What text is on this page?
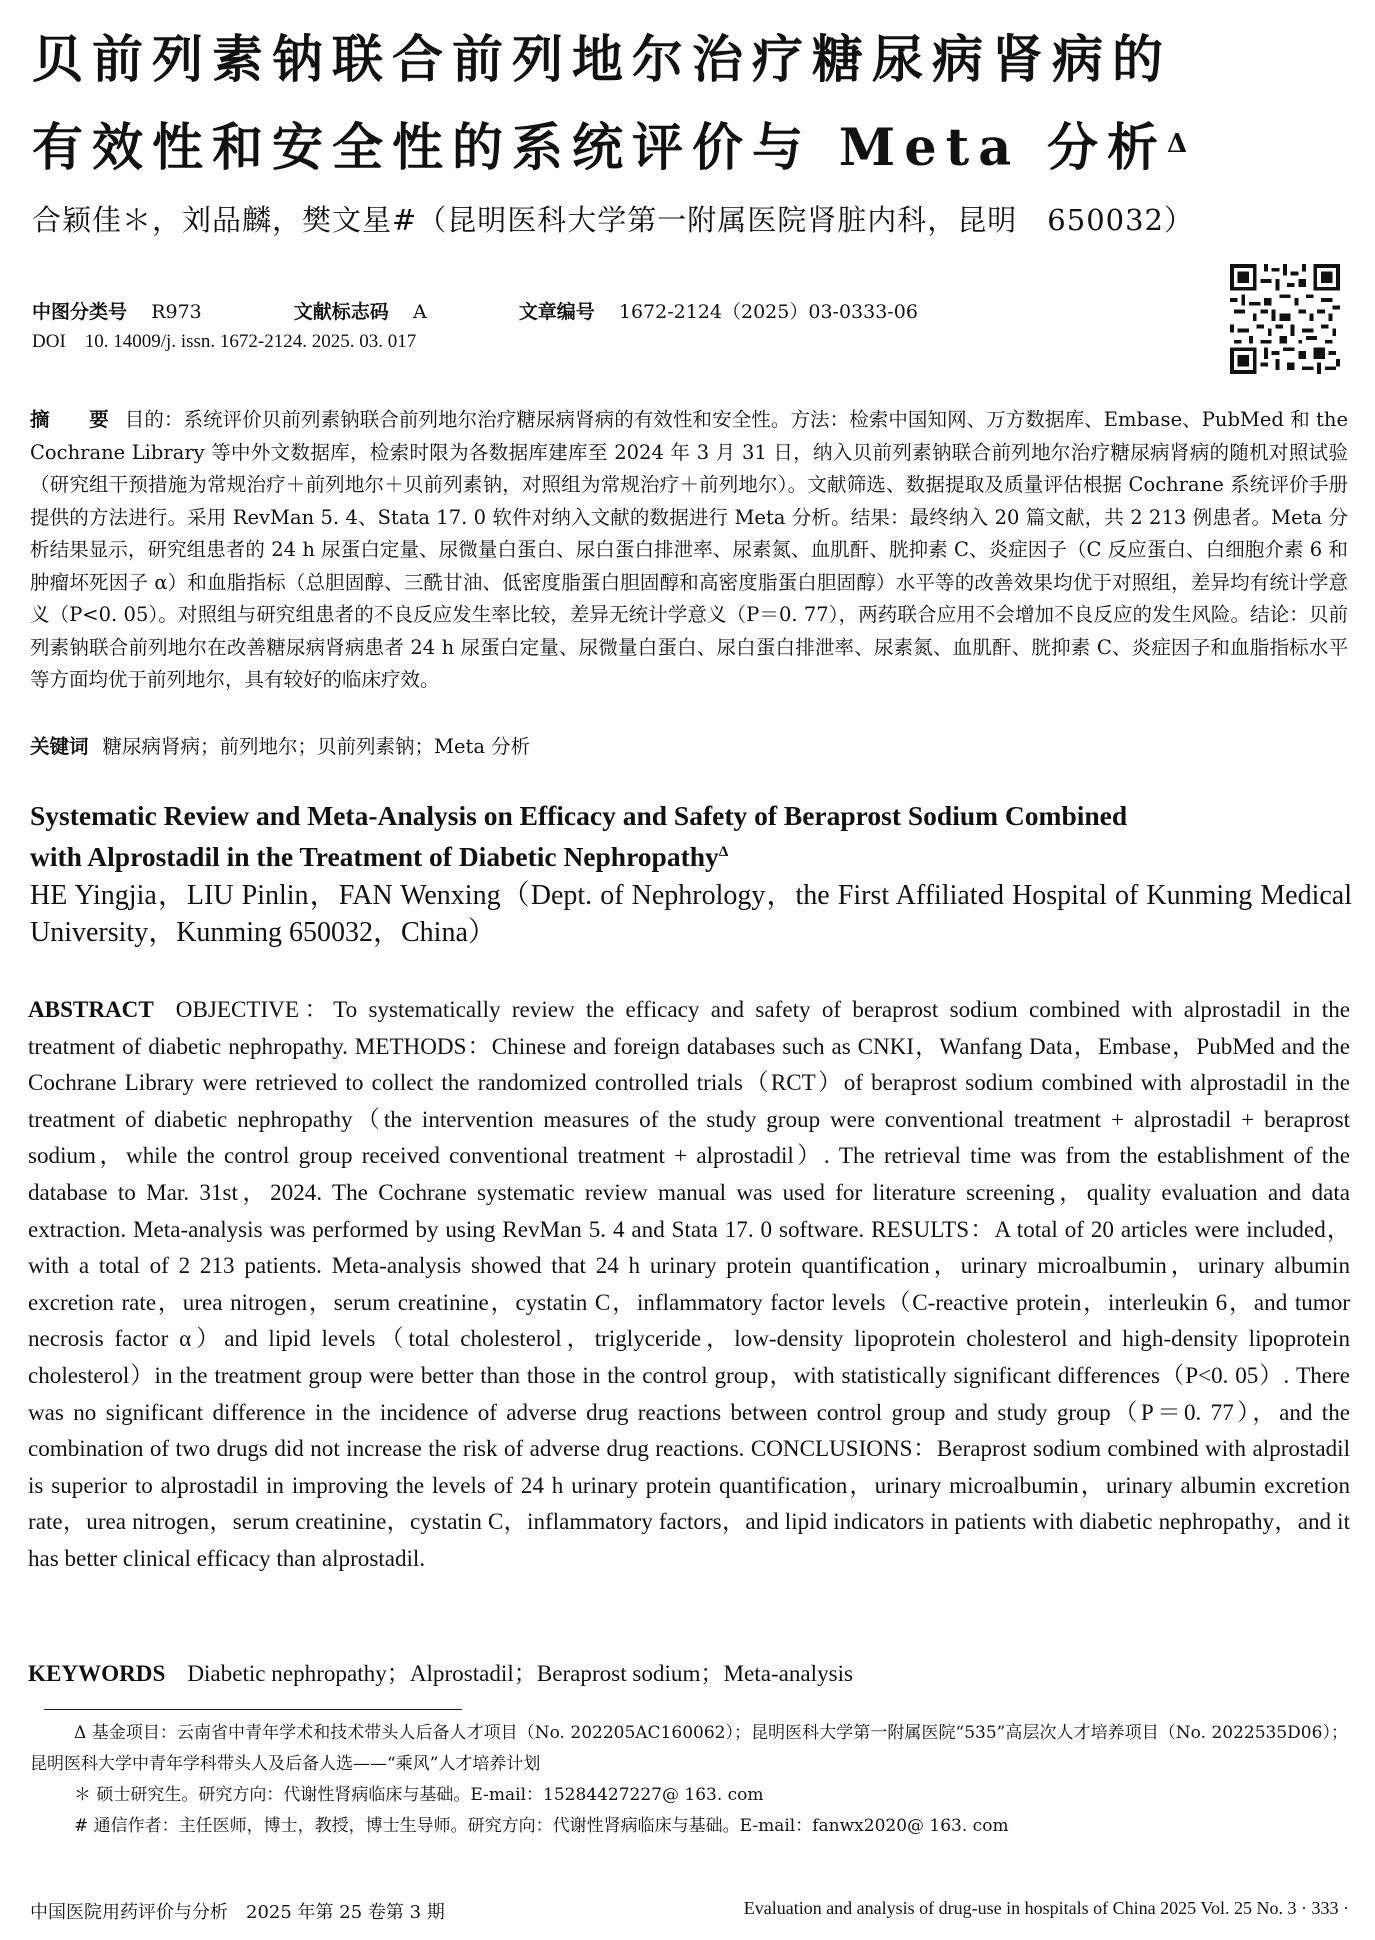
贝前列素钠联合前列地尔治疗糖尿病肾病的
有效性和安全性的系统评价与 Meta 分析$^\Delta$
合颖佳＊，刘品麟，樊文星#（昆明医科大学第一附属医院肾脏内科，昆明　650032）
中图分类号 R973	文献标志码 A	文章编号 1672-2124（2025）03-0333-06
DOI 10. 14009/j. issn. 1672-2124. 2025. 03. 017
摘　要 目的：系统评价贝前列素钠联合前列地尔治疗糖尿病肾病的有效性和安全性。方法：检索中国知网、万方数据库、Embase、PubMed 和 the Cochrane Library 等中外文数据库，检索时限为各数据库建库至 2024 年 3 月 31 日，纳入贝前列素钠联合前列地尔治疗糖尿病肾病的随机对照试验（研究组干预措施为常规治疗＋前列地尔＋贝前列素钠，对照组为常规治疗＋前列地尔）。文献筛选、数据提取及质量评估根据 Cochrane 系统评价手册提供的方法进行。采用 RevMan 5. 4、Stata 17. 0 软件对纳入文献的数据进行 Meta 分析。结果：最终纳入 20 篇文献，共 2 213 例患者。Meta 分析结果显示，研究组患者的 24 h 尿蛋白定量、尿微量白蛋白、尿白蛋白排泄率、尿素氮、血肌酐、胱抑素 C、炎症因子（C 反应蛋白、白细胞介素 6 和肿瘤坏死因子 α）和血脂指标（总胆固醇、三酰甘油、低密度脂蛋白胆固醇和高密度脂蛋白胆固醇）水平等的改善效果均优于对照组，差异均有统计学意义（P<0. 05）。对照组与研究组患者的不良反应发生率比较，差异无统计学意义（P＝0. 77），两药联合应用不会增加不良反应的发生风险。结论：贝前列素钠联合前列地尔在改善糖尿病肾病患者 24 h 尿蛋白定量、尿微量白蛋白、尿白蛋白排泄率、尿素氮、血肌酐、胱抑素 C、炎症因子和血脂指标水平等方面均优于前列地尔，具有较好的临床疗效。
关键词 糖尿病肾病；前列地尔；贝前列素钠；Meta 分析
Systematic Review and Meta-Analysis on Efficacy and Safety of Beraprost Sodium Combined
with Alprostadil in the Treatment of Diabetic Nephropathy$^\Delta$
HE Yingjia，LIU Pinlin，FAN Wenxing（Dept. of Nephrology，the First Affiliated Hospital of Kunming Medical University，Kunming 650032，China）
ABSTRACT OBJECTIVE：To systematically review the efficacy and safety of beraprost sodium combined with alprostadil in the treatment of diabetic nephropathy. METHODS：Chinese and foreign databases such as CNKI，Wanfang Data，Embase，PubMed and the Cochrane Library were retrieved to collect the randomized controlled trials（RCT）of beraprost sodium combined with alprostadil in the treatment of diabetic nephropathy（the intervention measures of the study group were conventional treatment + alprostadil + beraprost sodium，while the control group received conventional treatment + alprostadil）. The retrieval time was from the establishment of the database to Mar. 31st，2024. The Cochrane systematic review manual was used for literature screening，quality evaluation and data extraction. Meta-analysis was performed by using RevMan 5. 4 and Stata 17. 0 software. RESULTS：A total of 20 articles were included，with a total of 2 213 patients. Meta-analysis showed that 24 h urinary protein quantification，urinary microalbumin，urinary albumin excretion rate，urea nitrogen，serum creatinine，cystatin C，inflammatory factor levels（C-reactive protein，interleukin 6，and tumor necrosis factor α）and lipid levels（total cholesterol，triglyceride，low-density lipoprotein cholesterol and high-density lipoprotein cholesterol）in the treatment group were better than those in the control group，with statistically significant differences（P<0. 05）. There was no significant difference in the incidence of adverse drug reactions between control group and study group（P＝0. 77），and the combination of two drugs did not increase the risk of adverse drug reactions. CONCLUSIONS：Beraprost sodium combined with alprostadil is superior to alprostadil in improving the levels of 24 h urinary protein quantification，urinary microalbumin，urinary albumin excretion rate，urea nitrogen，serum creatinine，cystatin C，inflammatory factors，and lipid indicators in patients with diabetic nephropathy，and it has better clinical efficacy than alprostadil.
KEYWORDS Diabetic nephropathy；Alprostadil；Beraprost sodium；Meta-analysis
Δ 基金项目：云南省中青年学术和技术带头人后备人才项目（No. 202205AC160062）；昆明医科大学第一附属医院“535”高层次人才培养项目（No. 2022535D06）；昆明医科大学中青年学科带头人及后备人选——“乘风”人才培养计划
＊ 硕士研究生。研究方向：代谢性肾病临床与基础。E-mail：15284427227@ 163. com
# 通信作者：主任医师，博士，教授，博士生导师。研究方向：代谢性肾病临床与基础。E-mail：fanwx2020@ 163. com
中国医院用药评价与分析　2025 年第 25 卷第 3 期	Evaluation and analysis of drug-use in hospitals of China 2025 Vol. 25 No. 3 · 333 ·
